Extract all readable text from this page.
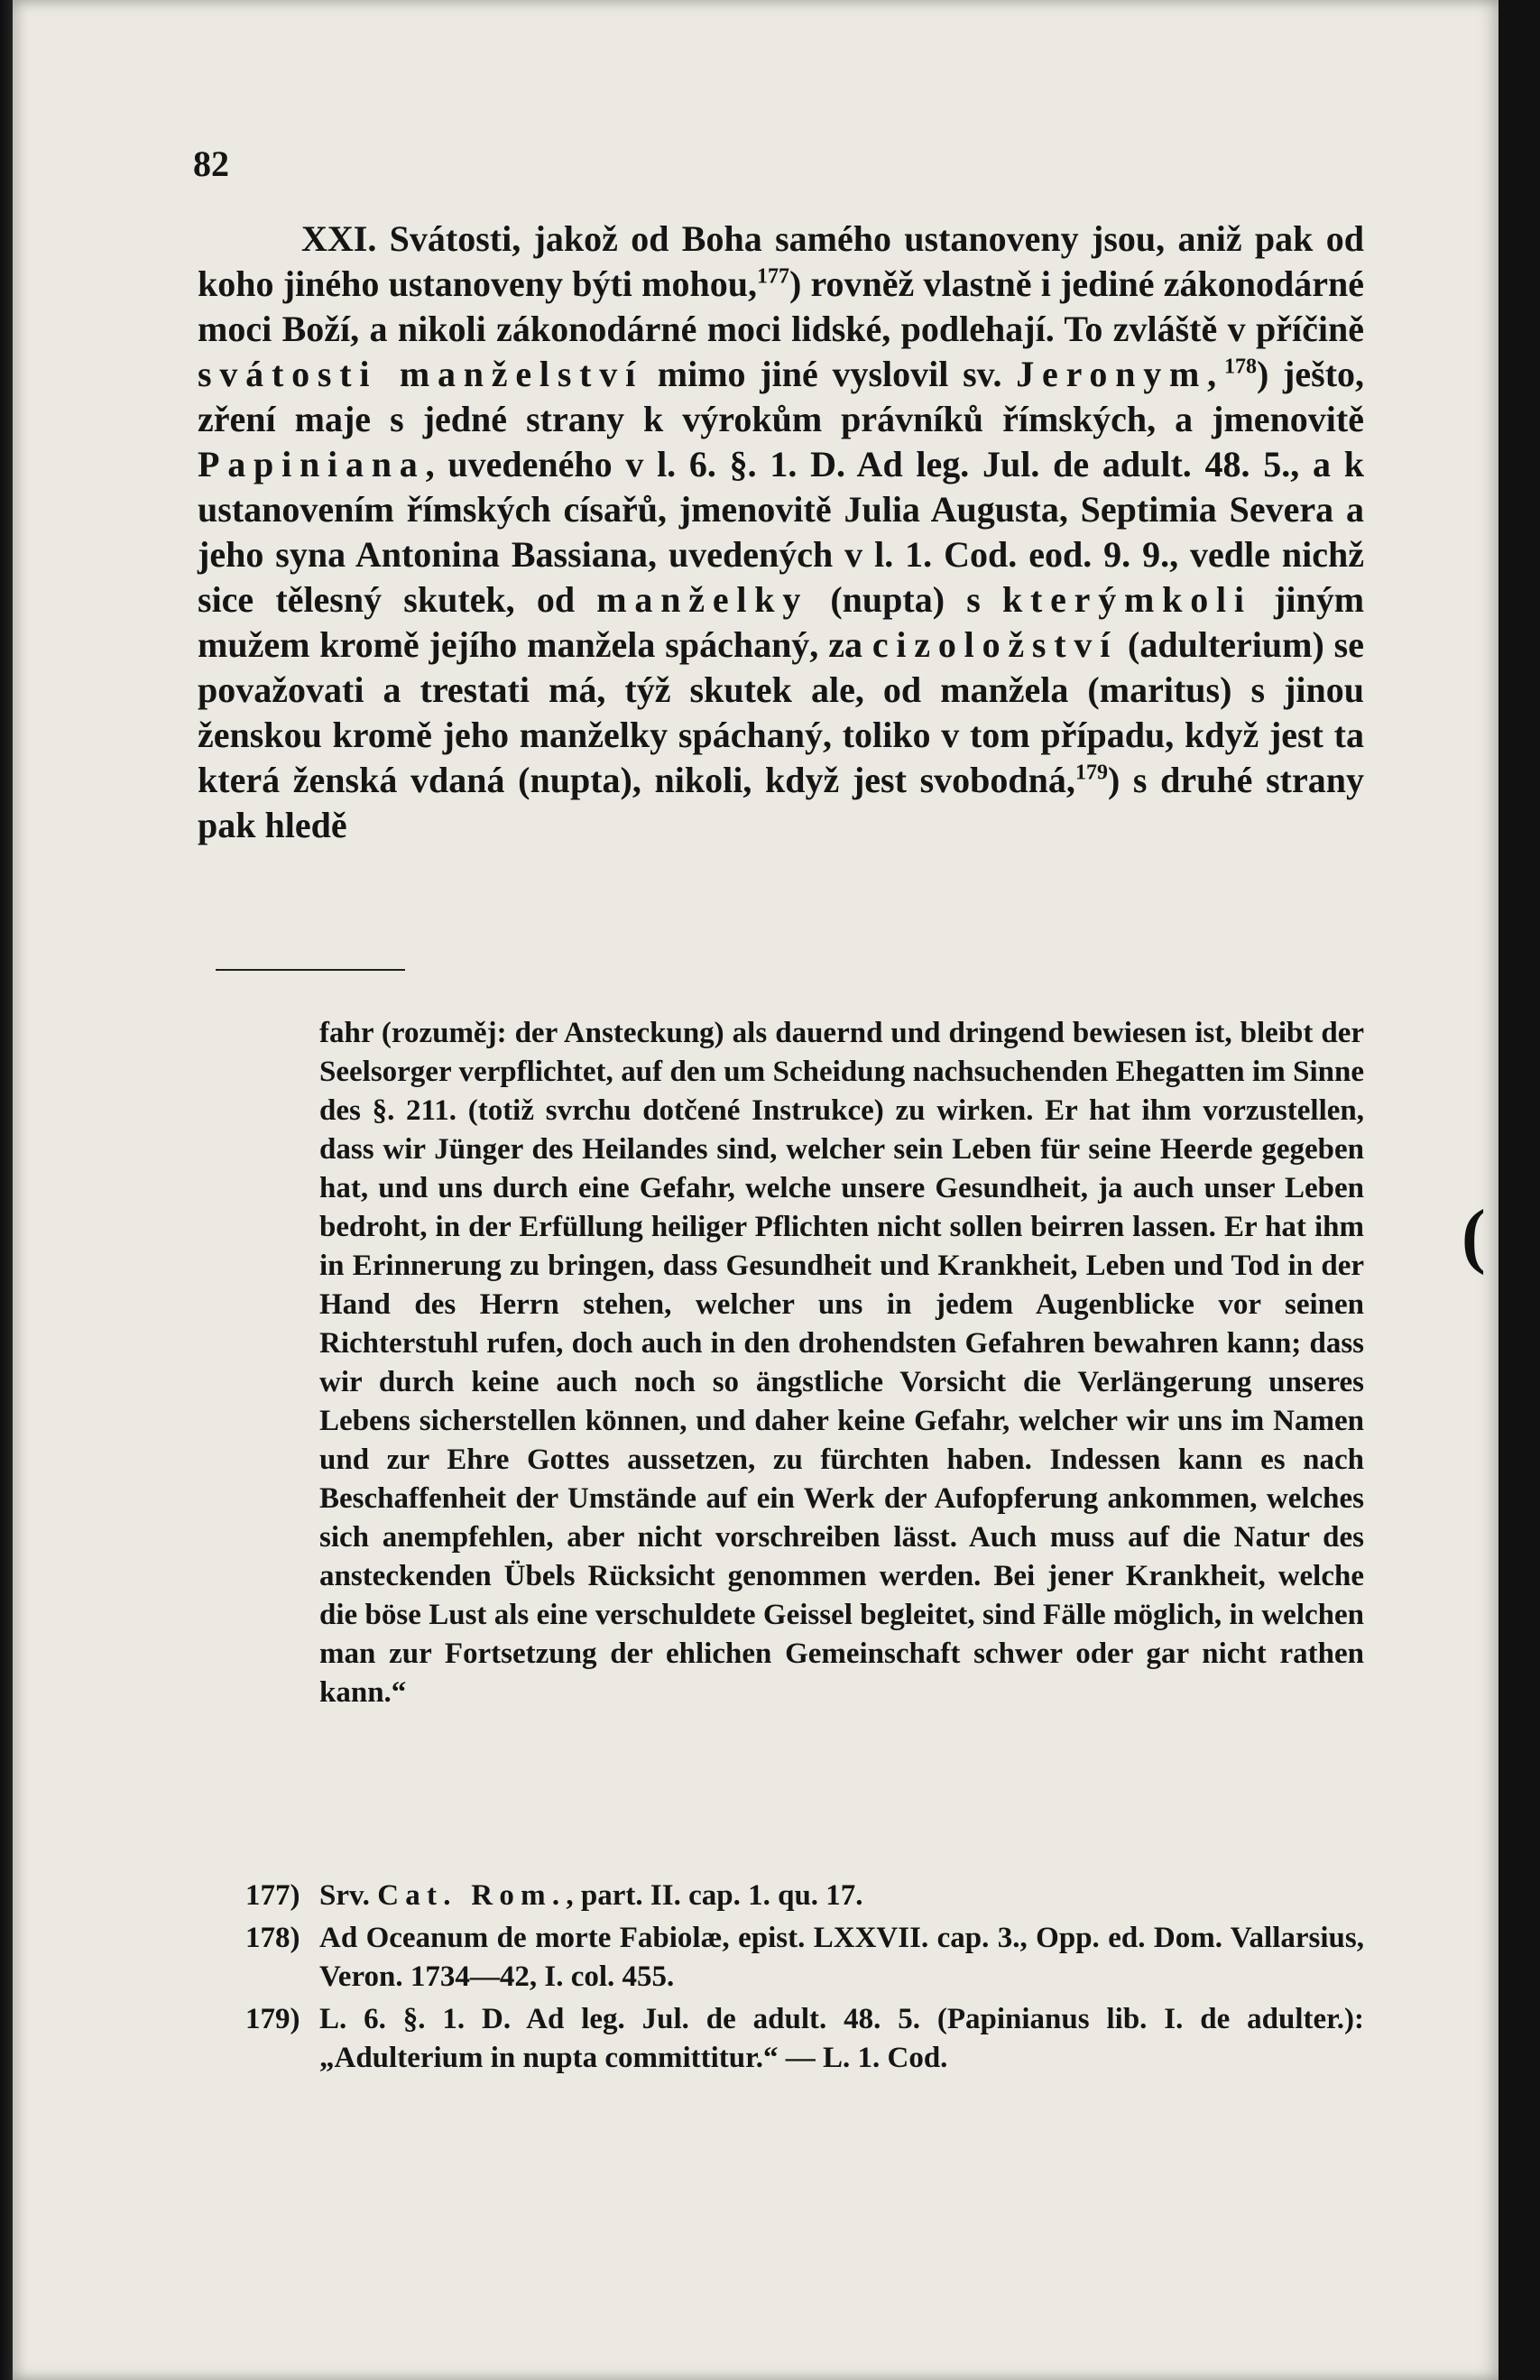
82

XXI. Svátosti, jakož od Boha samého ustanoveny jsou, aniž pak od koho jiného ustanoveny býti mohou,$^{177}$) rovněž vlastně i jediné zákonodárné moci Boží, a nikoli zákonodárné moci lidské, podlehají. To zvláště v příčině svátosti manželství mimo jiné vyslovil sv. Jeronym,$^{178}$) ješto, zření maje s jedné strany k výrokům právníků římských, a jmenovitě Papiniana, uvedeného v l. 6. §. 1. D. Ad leg. Jul. de adult. 48. 5., a k ustanovením římských císařů, jmenovitě Julia Augusta, Septimia Severa a jeho syna Antonina Bassiana, uvedených v l. 1. Cod. eod. 9. 9., vedle nichž sice tělesný skutek, od manželky (nupta) s kterýmkoli jiným mužem kromě jejího manžela spáchaný, za cizoložství (adulterium) se považovati a trestati má, týž skutek ale, od manžela (maritus) s jinou ženskou kromě jeho manželky spáchaný, toliko v tom případu, když jest ta která ženská vdaná (nupta), nikoli, když jest svobodná,$^{179}$) s druhé strany pak hledě

fahr (rozuměj: der Ansteckung) als dauernd und dringend bewiesen ist, bleibt der Seelsorger verpflichtet, auf den um Scheidung nachsuchenden Ehegatten im Sinne des §. 211. (totiž svrchu dotčené Instrukce) zu wirken. Er hat ihm vorzustellen, dass wir Jünger des Heilandes sind, welcher sein Leben für seine Heerde gegeben hat, und uns durch eine Gefahr, welche unsere Gesundheit, ja auch unser Leben bedroht, in der Erfüllung heiliger Pflichten nicht sollen beirren lassen. Er hat ihm in Erinnerung zu bringen, dass Gesundheit und Krankheit, Leben und Tod in der Hand des Herrn stehen, welcher uns in jedem Augenblicke vor seinen Richterstuhl rufen, doch auch in den drohendsten Gefahren bewahren kann; dass wir durch keine auch noch so ängstliche Vorsicht die Verlängerung unseres Lebens sicherstellen können, und daher keine Gefahr, welcher wir uns im Namen und zur Ehre Gottes aussetzen, zu fürchten haben. Indessen kann es nach Beschaffenheit der Umstände auf ein Werk der Aufopferung ankommen, welches sich anempfehlen, aber nicht vorschreiben lässt. Auch muss auf die Natur des ansteckenden Übels Rücksicht genommen werden. Bei jener Krankheit, welche die böse Lust als eine verschuldete Geissel begleitet, sind Fälle möglich, in welchen man zur Fortsetzung der ehlichen Gemeinschaft schwer oder gar nicht rathen kann.“

177) Srv. Cat. Rom., part. II. cap. 1. qu. 17.
178) Ad Oceanum de morte Fabiolæ, epist. LXXVII. cap. 3., Opp. ed. Dom. Vallarsius, Veron. 1734—42, I. col. 455.
179) L. 6. §. 1. D. Ad leg. Jul. de adult. 48. 5. (Papinianus lib. I. de adulter.): „Adulterium in nupta committitur.“ — L. 1. Cod.
(
